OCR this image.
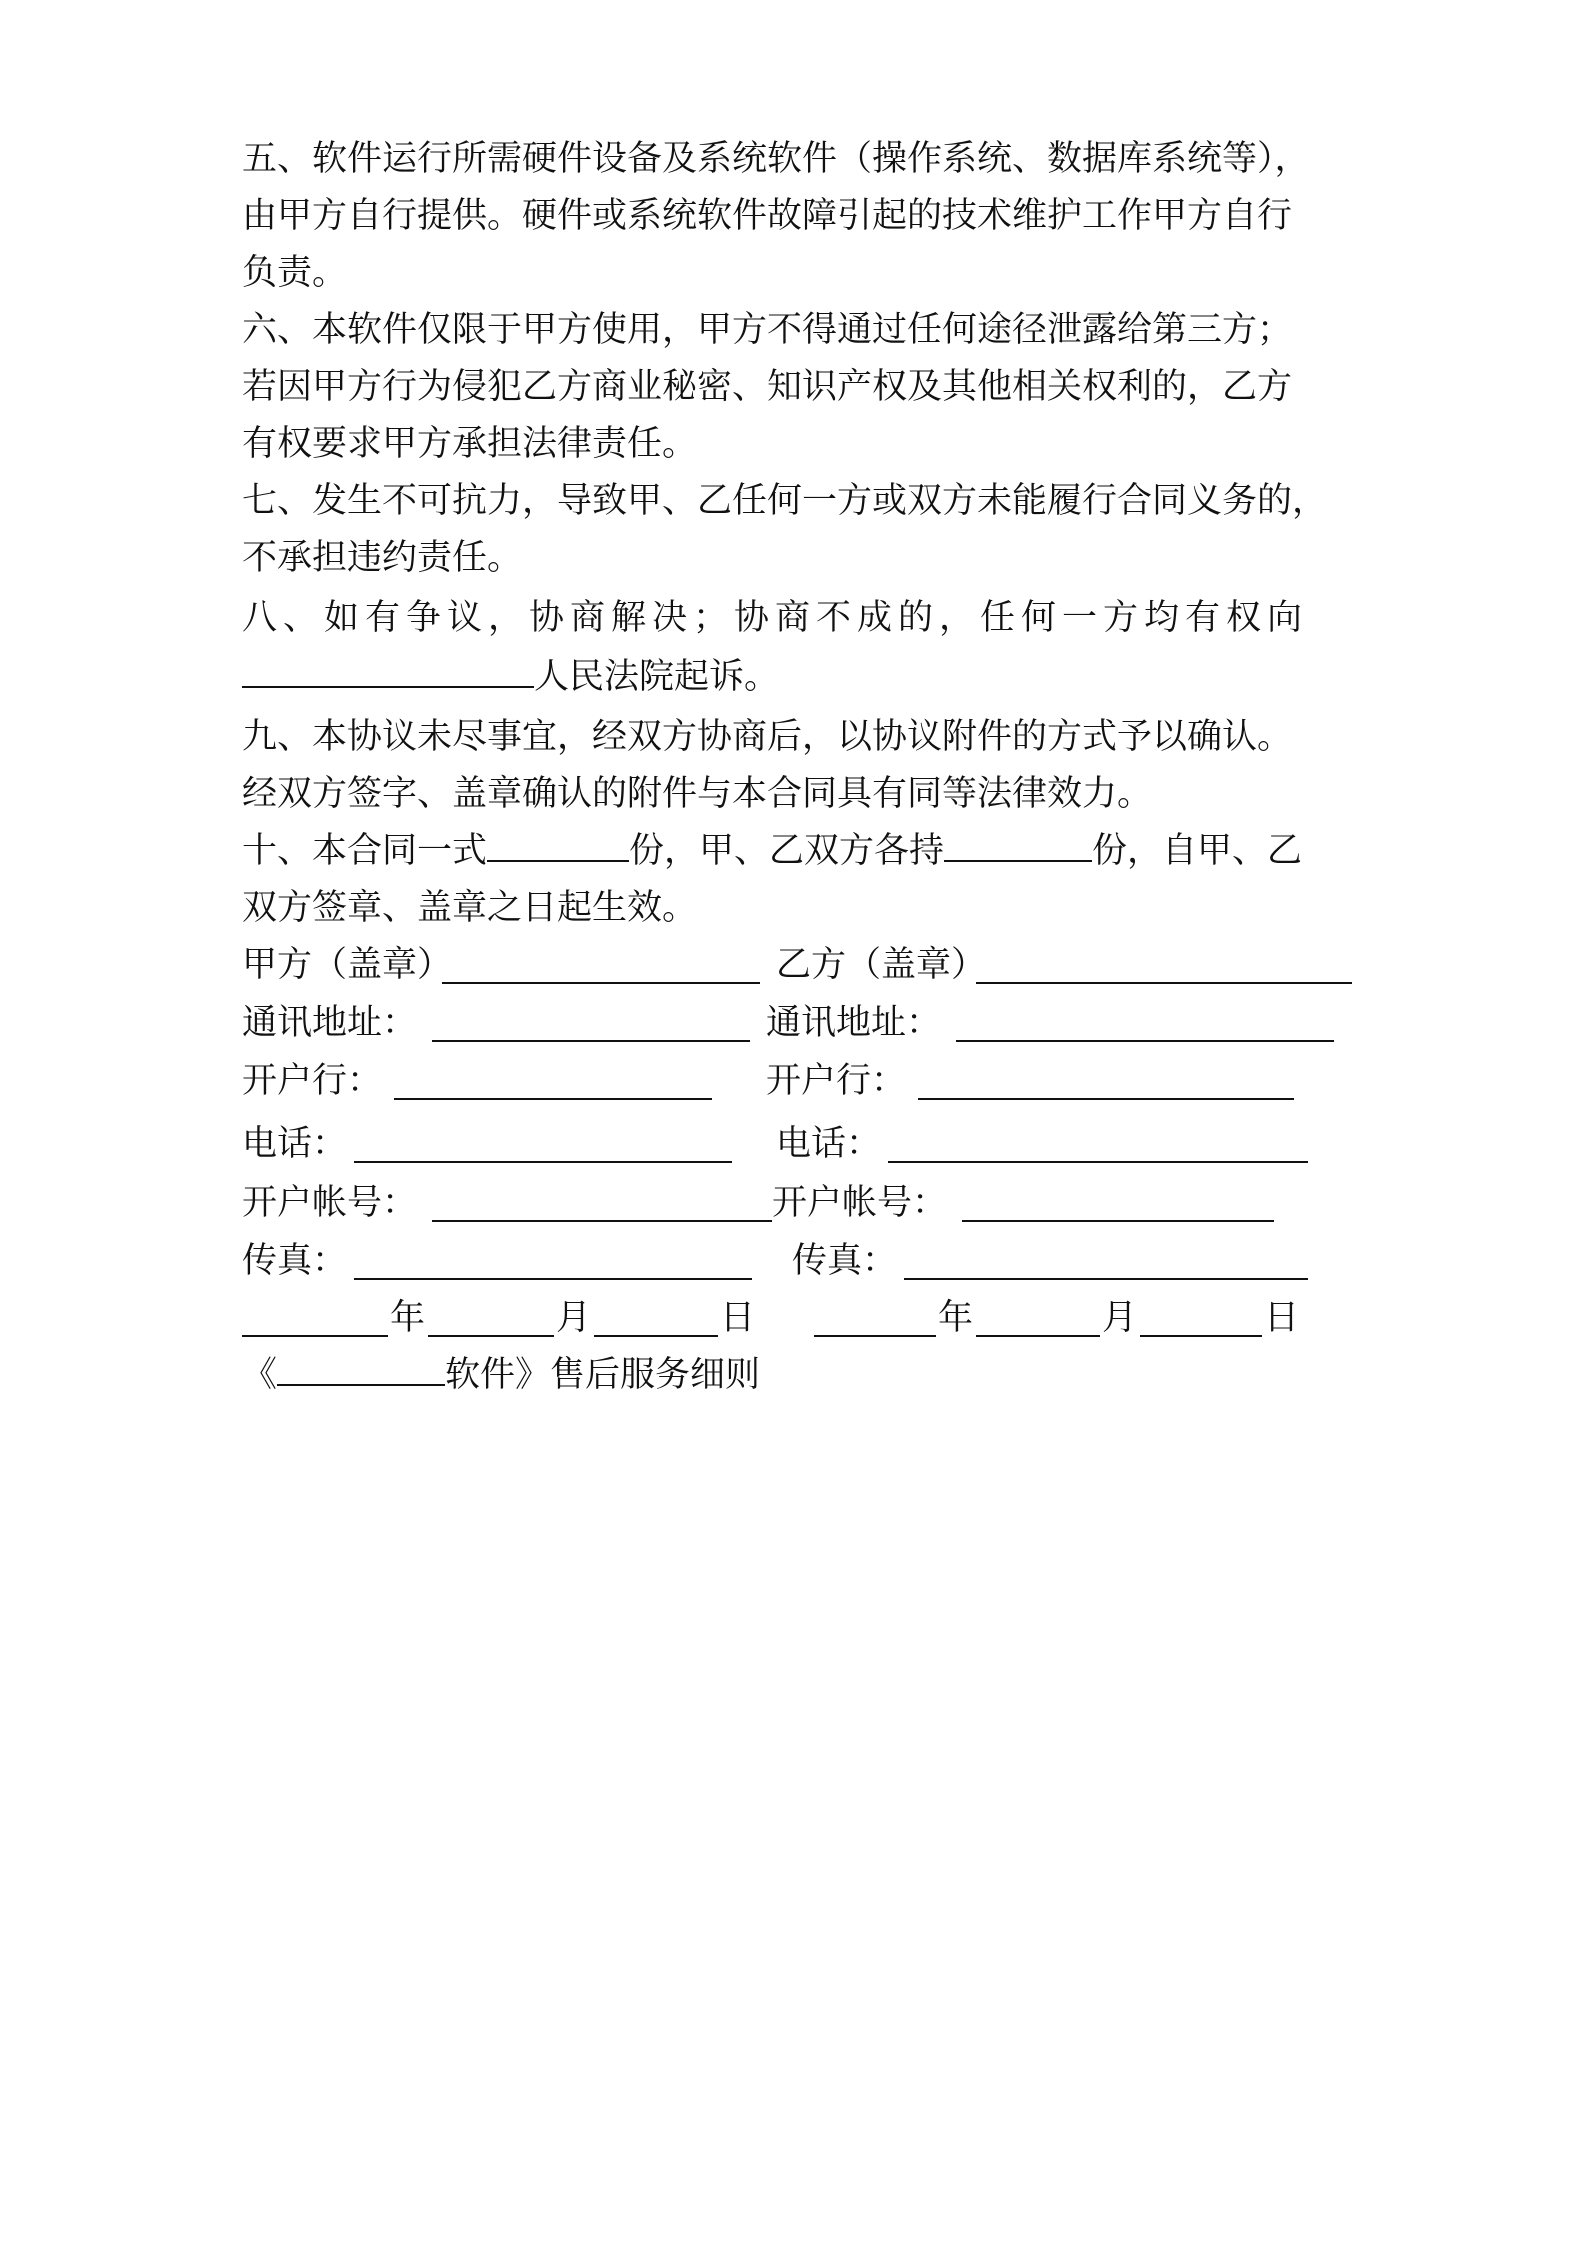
五、软件运行所需硬件设备及系统软件（操作系统、数据库系统等），

由甲方自行提供。硬件或系统软件故障引起的技术维护工作甲方自行

负责。

六、本软件仅限于甲方使用，甲方不得通过任何途径泄露给第三方；

若因甲方行为侵犯乙方商业秘密、知识产权及其他相关权利的，乙方

有权要求甲方承担法律责任。

七、发生不可抗力，导致甲、乙任何一方或双方未能履行合同义务的，

不承担违约责任。

八、如有争议，协商解决；协商不成的，任何一方均有权向

人民法院起诉。

九、本协议未尽事宜，经双方协商后，以协议附件的方式予以确认。

经双方签字、盖章确认的附件与本合同具有同等法律效力。

十、本合同一式	份，甲、乙双方各持	份，自甲、乙

双方签章、盖章之日起生效。

甲方（盖章）	乙方（盖章）
通讯地址：	通讯地址：
开户行：	开户行：
电话：	电话：
开户帐号：	开户帐号：
传真：	传真：
年	月	日	年	月	日

《	软件》售后服务细则
